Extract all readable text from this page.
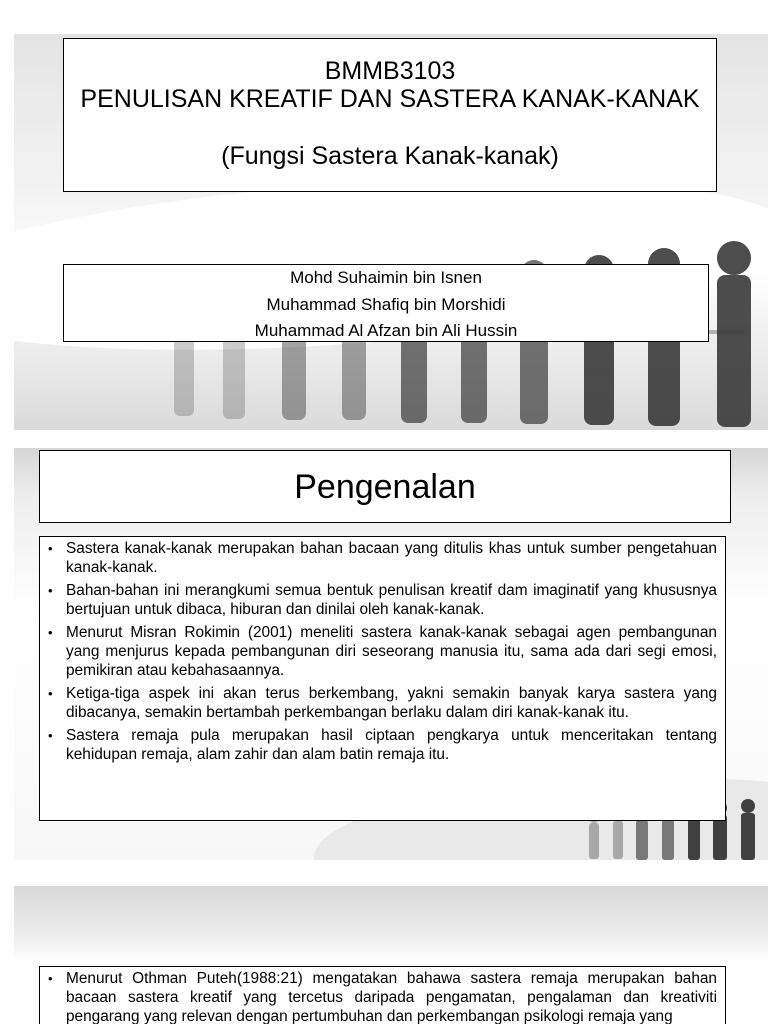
BMMB3103
PENULISAN KREATIF DAN SASTERA KANAK-KANAK
(Fungsi Sastera Kanak-kanak)
Mohd Suhaimin bin Isnen
Muhammad Shafiq bin Morshidi
Muhammad Al Afzan bin Ali Hussin
Pengenalan
• Sastera kanak-kanak merupakan bahan bacaan yang ditulis khas untuk sumber pengetahuan kanak-kanak.
• Bahan-bahan ini merangkumi semua bentuk penulisan kreatif dam imaginatif yang khususnya bertujuan untuk dibaca, hiburan dan dinilai oleh kanak-kanak.
• Menurut Misran Rokimin (2001) meneliti sastera kanak-kanak sebagai agen pembangunan yang menjurus kepada pembangunan diri seseorang manusia itu, sama ada dari segi emosi, pemikiran atau kebahasaannya.
• Ketiga-tiga aspek ini akan terus berkembang, yakni semakin banyak karya sastera yang dibacanya, semakin bertambah perkembangan berlaku dalam diri kanak-kanak itu.
• Sastera remaja pula merupakan hasil ciptaan pengkarya untuk menceritakan tentang kehidupan remaja, alam zahir dan alam batin remaja itu.
• Menurut Othman Puteh(1988:21) mengatakan bahawa sastera remaja merupakan bahan bacaan sastera kreatif yang tercetus daripada pengamatan, pengalaman dan kreativiti pengarang yang relevan dengan pertumbuhan dan perkembangan psikologi remaja yang
